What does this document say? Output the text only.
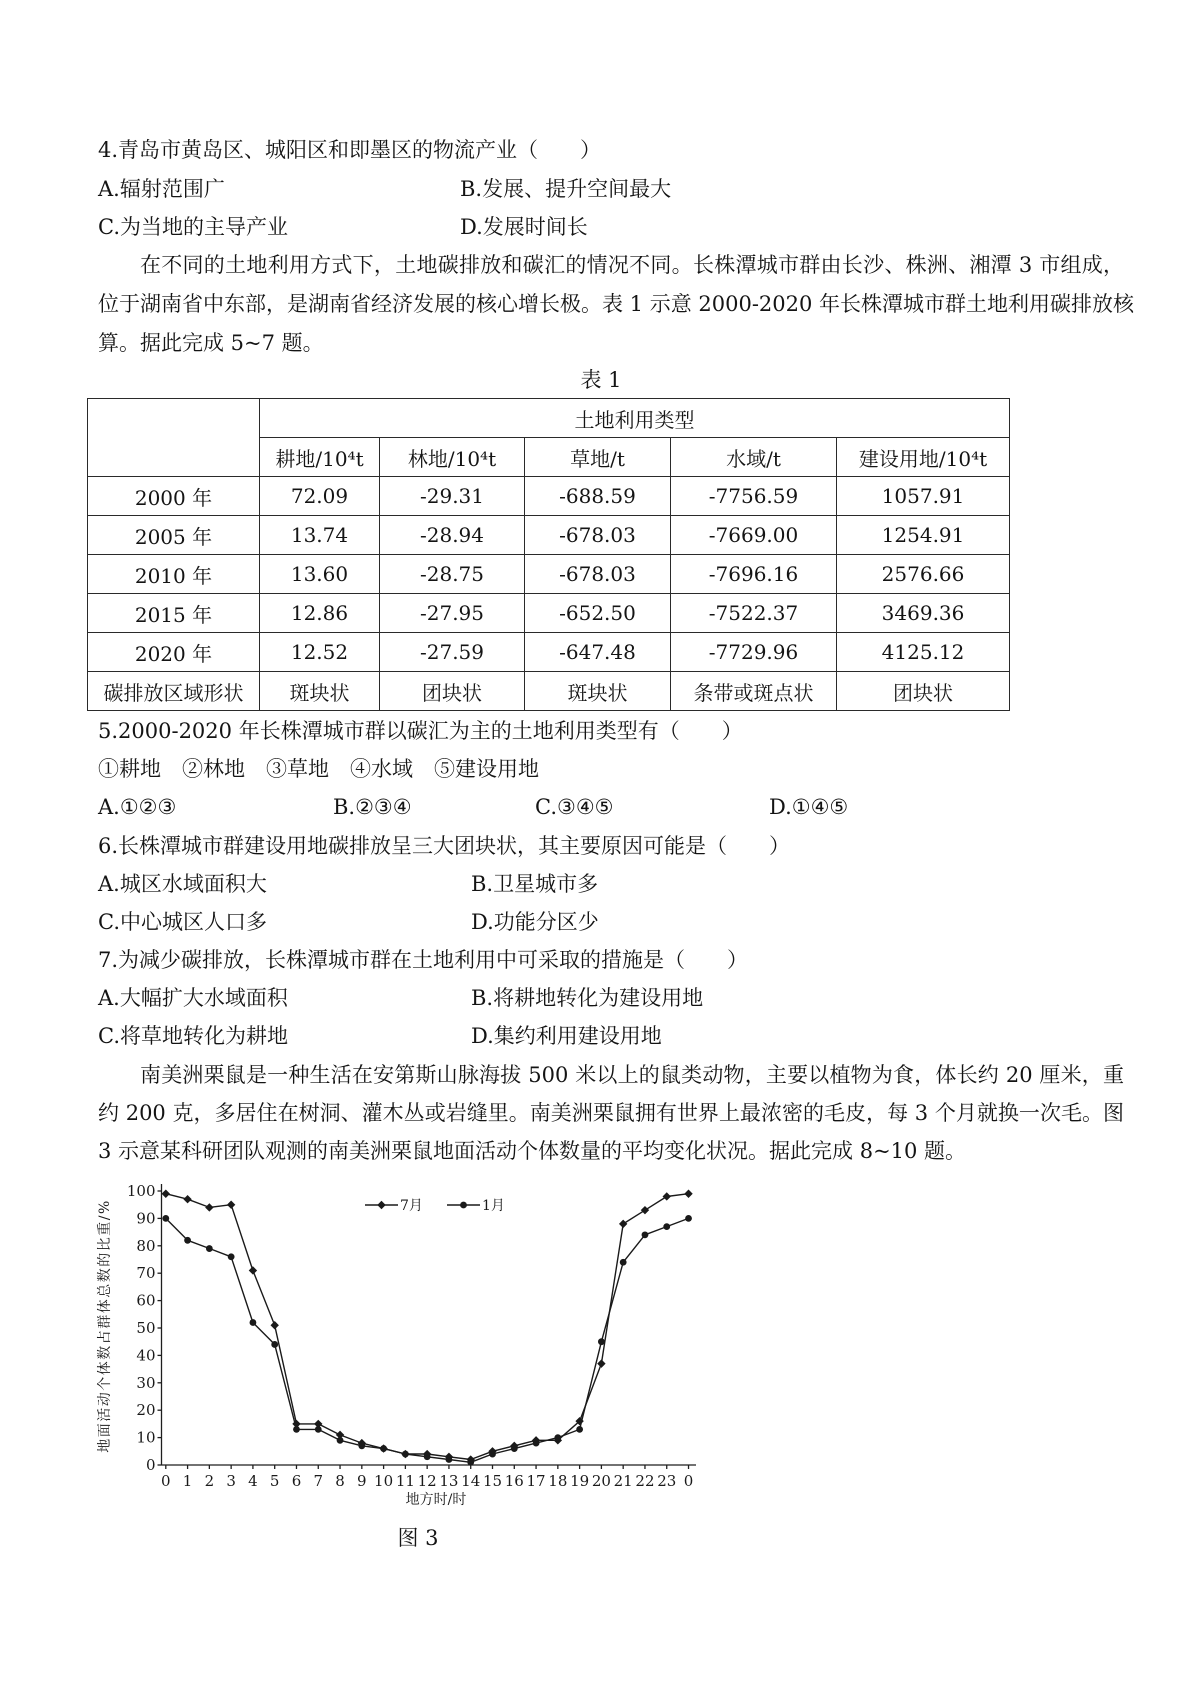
4.青岛市黄岛区、城阳区和即墨区的物流产业（　　）
A.辐射范围广	B.发展、提升空间最大
C.为当地的主导产业	D.发展时间长
在不同的土地利用方式下，土地碳排放和碳汇的情况不同。长株潭城市群由长沙、株洲、湘潭 3 市组成，
位于湖南省中东部，是湖南省经济发展的核心增长极。表 1 示意 2000-2020 年长株潭城市群土地利用碳排放核
算。据此完成 5~7 题。
表 1
	土地利用类型				
	耕地/10⁴t	林地/10⁴t	草地/t	水域/t	建设用地/10⁴t
2000 年	72.09	-29.31	-688.59	-7756.59	1057.91
2005 年	13.74	-28.94	-678.03	-7669.00	1254.91
2010 年	13.60	-28.75	-678.03	-7696.16	2576.66
2015 年	12.86	-27.95	-652.50	-7522.37	3469.36
2020 年	12.52	-27.59	-647.48	-7729.96	4125.12
碳排放区域形状	斑块状	团块状	斑块状	条带或斑点状	团块状
5.2000-2020 年长株潭城市群以碳汇为主的土地利用类型有（　　）
①耕地　②林地　③草地　④水域　⑤建设用地
A.①②③	B.②③④	C.③④⑤	D.①④⑤
6.长株潭城市群建设用地碳排放呈三大团块状，其主要原因可能是（　　）
A.城区水域面积大	B.卫星城市多
C.中心城区人口多	D.功能分区少
7.为减少碳排放，长株潭城市群在土地利用中可采取的措施是（　　）
A.大幅扩大水域面积	B.将耕地转化为建设用地
C.将草地转化为耕地	D.集约利用建设用地
南美洲栗鼠是一种生活在安第斯山脉海拔 500 米以上的鼠类动物，主要以植物为食，体长约 20 厘米，重
约 200 克，多居住在树洞、灌木丛或岩缝里。南美洲栗鼠拥有世界上最浓密的毛皮，每 3 个月就换一次毛。图
3 示意某科研团队观测的南美洲栗鼠地面活动个体数量的平均变化状况。据此完成 8~10 题。
0
10
20
30
40
50
60
70
80
90
100
0 1 2 3 4 5 6 7 8 9 10 11 12 13 14 15 16 17 18 19 20 21 22 23 0
地面活动个体数占群体总数的比重/%
地方时/时
7月	1月
图 3
